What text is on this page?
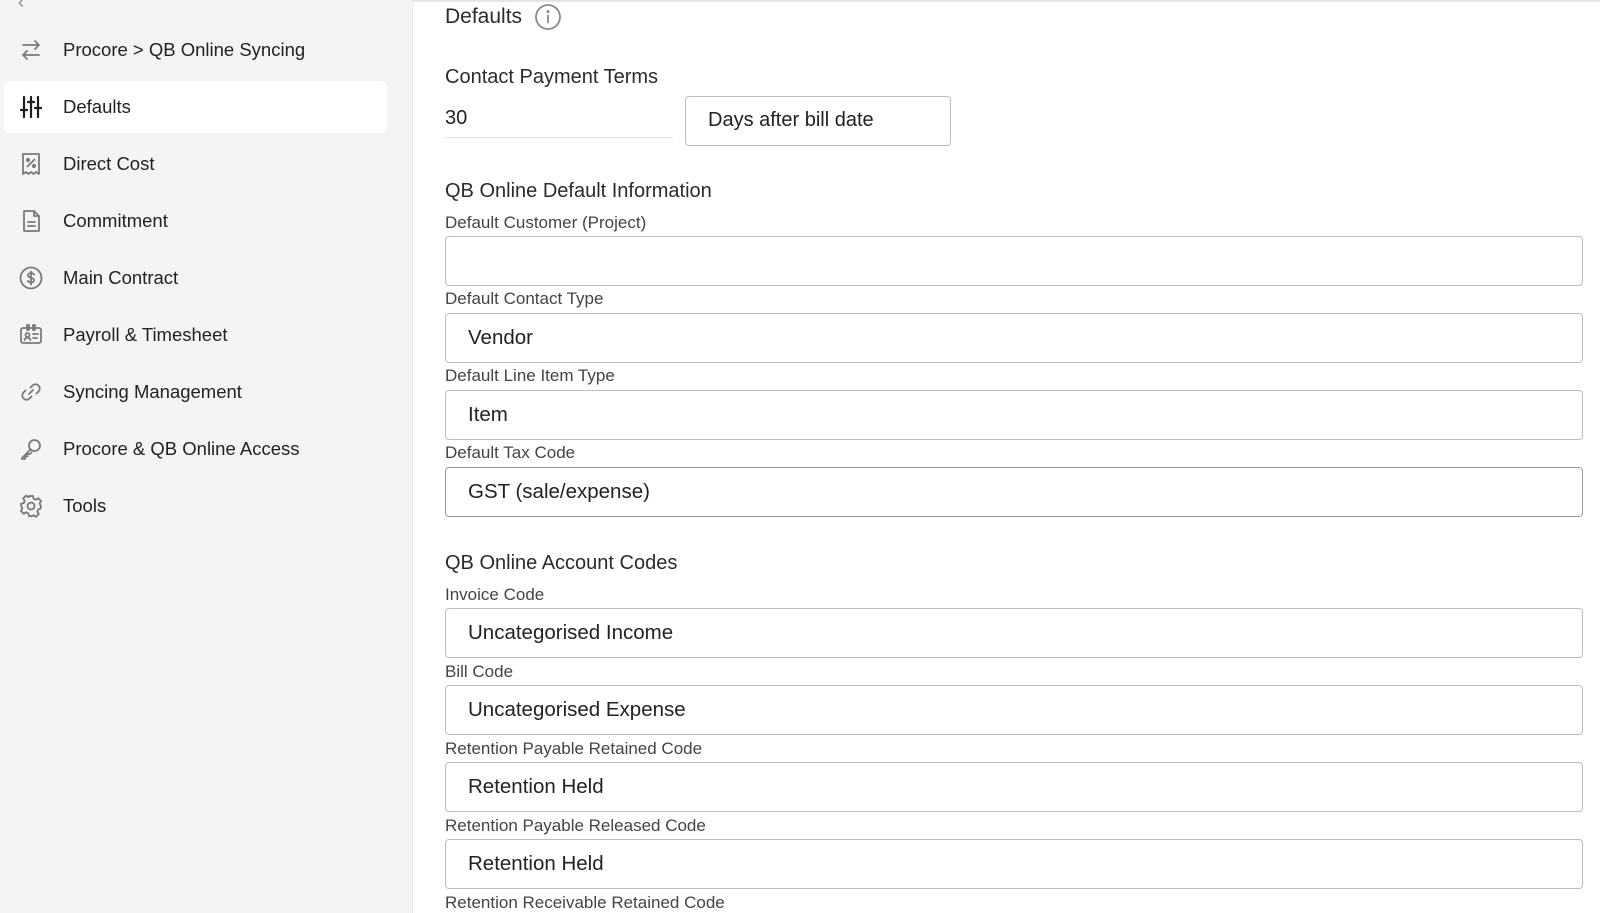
‹
Procore > QB Online Syncing
Defaults
Direct Cost
Commitment
Main Contract
Payroll & Timesheet
Syncing Management
Procore & QB Online Access
Tools
Defaults
Contact Payment Terms
30	Days after bill date
QB Online Default Information
Default Customer (Project)
Default Contact Type
Vendor
Default Line Item Type
Item
Default Tax Code
GST (sale/expense)
QB Online Account Codes
Invoice Code
Uncategorised Income
Bill Code
Uncategorised Expense
Retention Payable Retained Code
Retention Held
Retention Payable Released Code
Retention Held
Retention Receivable Retained Code
